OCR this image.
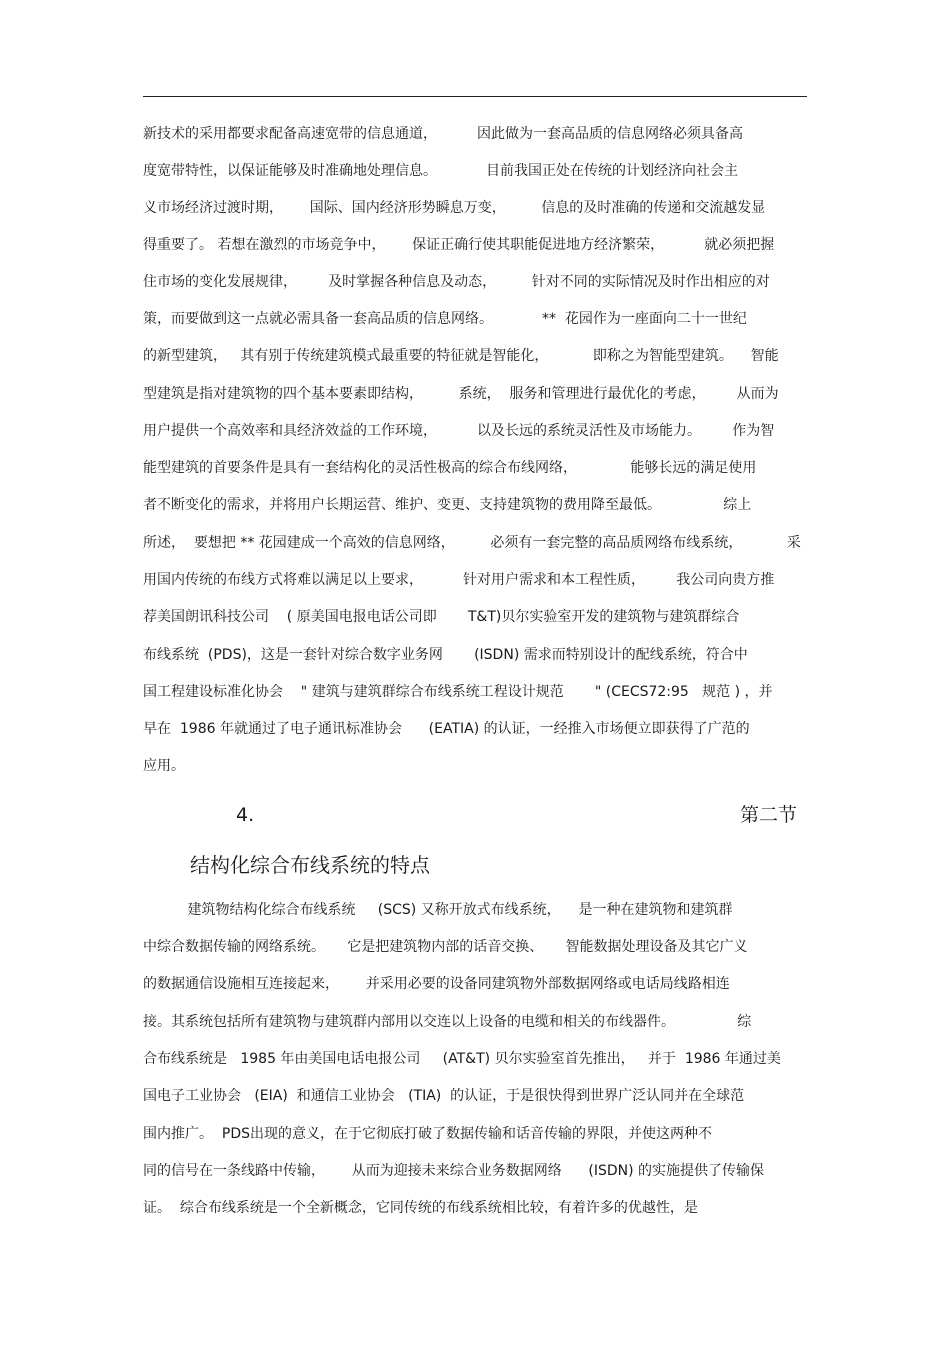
新技术的采用都要求配备高速宽带的信息通道，         因此做为一套高品质的信息网络必须具备高
度宽带特性，以保证能够及时准确地处理信息。           目前我国正处在传统的计划经济向社会主
义市场经济过渡时期，      国际、国内经济形势瞬息万变，        信息的及时准确的传递和交流越发显
得重要了。 若想在激烈的市场竞争中，      保证正确行使其职能促进地方经济繁荣，         就必须把握
住市场的变化发展规律，       及时掌握各种信息及动态，        针对不同的实际情况及时作出相应的对
策，而要做到这一点就必需具备一套高品质的信息网络。           **  花园作为一座面向二十一世纪
的新型建筑，   其有别于传统建筑模式最重要的特征就是智能化，          即称之为智能型建筑。    智能
型建筑是指对建筑物的四个基本要素即结构，        系统，  服务和管理进行最优化的考虑，       从而为
用户提供一个高效率和具经济效益的工作环境，         以及长远的系统灵活性及市场能力。       作为智
能型建筑的首要条件是具有一套结构化的灵活性极高的综合布线网络，            能够长远的满足使用
者不断变化的需求，并将用户长期运营、维护、变更、支持建筑物的费用降至最低。              综上
所述，  要想把 ** 花园建成一个高效的信息网络，        必须有一套完整的高品质网络布线系统，          采
用国内传统的布线方式将难以满足以上要求，         针对用户需求和本工程性质，       我公司向贵方推
荐美国朗讯科技公司    ( 原美国电报电话公司即       T&T)贝尔实验室开发的建筑物与建筑群综合
布线系统  (PDS)，这是一套针对综合数字业务网       (ISDN) 需求而特别设计的配线系统，符合中
国工程建设标准化协会    " 建筑与建筑群综合布线系统工程设计规范       " (CECS72:95   规范 ) ，并
早在  1986 年就通过了电子通讯标准协会      (EATIA) 的认证，一经推入市场便立即获得了广范的
应用。
4.	第二节
结构化综合布线系统的特点
建筑物结构化综合布线系统     (SCS) 又称开放式布线系统，    是一种在建筑物和建筑群
中综合数据传输的网络系统。     它是把建筑物内部的话音交换、     智能数据处理设备及其它广义
的数据通信设施相互连接起来，      并采用必要的设备同建筑物外部数据网络或电话局线路相连
接。其系统包括所有建筑物与建筑群内部用以交连以上设备的电缆和相关的布线器件。              综
合布线系统是   1985 年由美国电话电报公司     (AT&T) 贝尔实验室首先推出，   并于  1986 年通过美
国电子工业协会   (EIA)  和通信工业协会   (TIA)  的认证，于是很快得到世界广泛认同并在全球范
围内推广。  PDS出现的意义，在于它彻底打破了数据传输和话音传输的界限，并使这两种不
同的信号在一条线路中传输，      从而为迎接未来综合业务数据网络      (ISDN) 的实施提供了传输保
证。  综合布线系统是一个全新概念，它同传统的布线系统相比较，有着许多的优越性，是
